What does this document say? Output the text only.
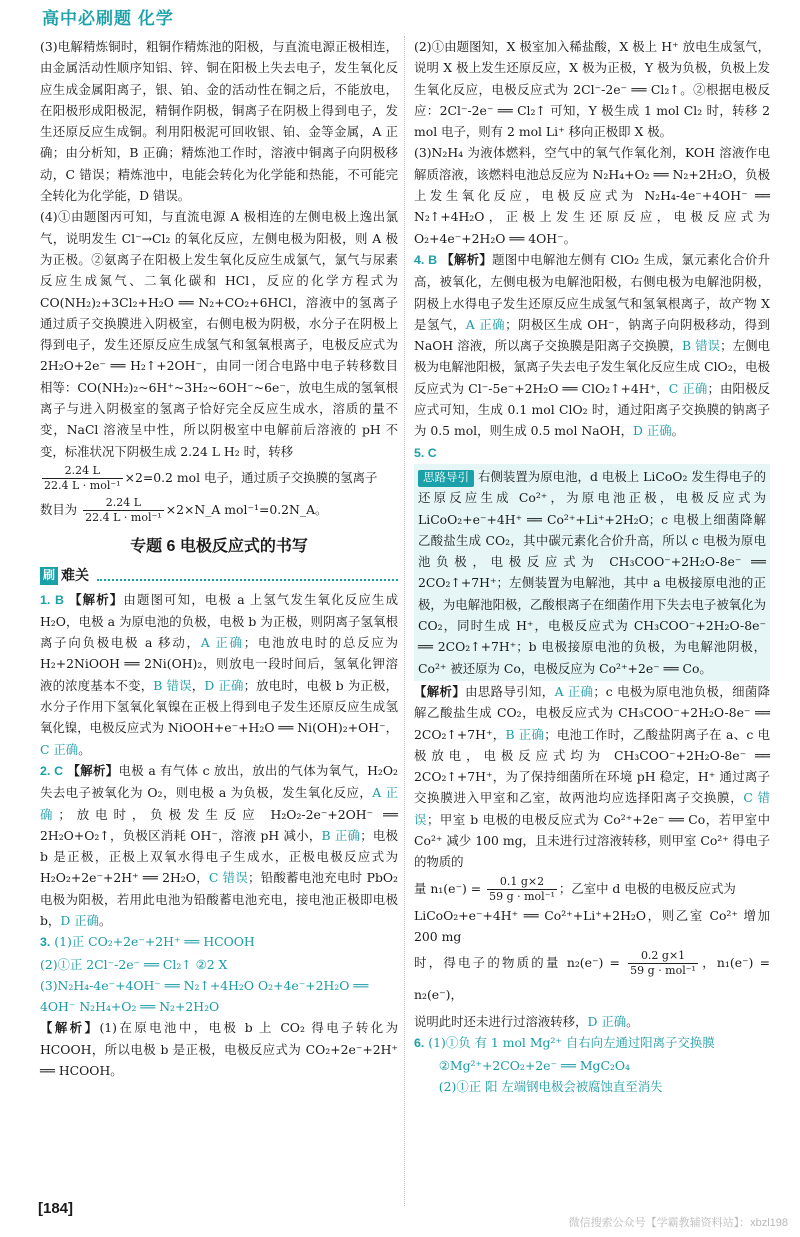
高中必刷题 化学

(3)电解精炼铜时，粗铜作精炼池的阳极，与直流电源正极相连，由金属活动性顺序知铝、锌、铜在阳极上失去电子，发生氧化反应生成金属阳离子，银、铂、金的活动性在铜之后，不能放电，在阳极形成阳极泥，精铜作阴极，铜离子在阴极上得到电子，发生还原反应生成铜。利用阳极泥可回收银、铂、金等金属，A 正确；由分析知，B 正确；精炼池工作时，溶液中铜离子向阴极移动，C 错误；精炼池中，电能会转化为化学能和热能，不可能完全转化为化学能，D 错误。

(4)①由题图丙可知，与直流电源 A 极相连的左侧电极上逸出氯气，说明发生 Cl⁻→Cl₂ 的氧化反应，左侧电极为阳极，则 A 极为正极。②氨离子在阳极上发生氧化反应生成氯气，氯气与尿素反应生成氮气、二氧化碳和 HCl，反应的化学方程式为 CO(NH₂)₂+3Cl₂+H₂O ══ N₂+CO₂+6HCl，溶液中的氢离子通过质子交换膜进入阴极室，右侧电极为阴极，水分子在阴极上得到电子，发生还原反应生成氢气和氢氧根离子，电极反应式为 2H₂O+2e⁻ ══ H₂↑+2OH⁻，由同一闭合电路中电子转移数目相等：CO(NH₂)₂~6H⁺~3H₂~6OH⁻~6e⁻，放电生成的氢氧根离子与进入阴极室的氢离子恰好完全反应生成水，溶质的量不变，NaCl 溶液呈中性，所以阴极室中电解前后溶液的 pH 不变，标准状况下阴极生成 2.24 L H₂ 时，转移

$\frac{2.24 L}{\text{22.4 L · mol⁻¹}} \times 2=0.2$ mol 电子，通过质子交换膜的氢离子

数目为 $\frac{2.24 L}{\text{22.4 L · mol⁻¹}}$ ×2×N_A mol⁻¹=0.2N_A。

专题 6 电极反应式的书写
刷 难关

1. B 【解析】由题图可知，电极 a 上氢气发生氧化反应生成 H₂O，电极 a 为原电池的负极，电极 b 为正极，则阴离子氢氧根离子向负极电极 a 移动，A 正确；电池放电时的总反应为 H₂+2NiOOH ══ 2Ni(OH)₂，则放电一段时间后，氢氧化钾溶液的浓度基本不变，B 错误，D 正确；放电时，电极 b 为正极，水分子作用下氢氧化氧镍在正极上得到电子发生还原反应生成氢氧化镍，电极反应式为 NiOOH+e⁻+H₂O ══ Ni(OH)₂+OH⁻，C 正确。

2. C 【解析】电极 a 有气体 c 放出，放出的气体为氧气，H₂O₂ 失去电子被氧化为 O₂，则电极 a 为负极，发生氧化反应，A 正确；放电时，负极发生反应 H₂O₂-2e⁻+2OH⁻ ══ 2H₂O+O₂↑，负极区消耗 OH⁻，溶液 pH 减小，B 正确；电极 b 是正极，正极上双氧水得电子生成水，正极电极反应式为 H₂O₂+2e⁻+2H⁺ ══ 2H₂O，C 错误；铅酸蓄电池充电时 PbO₂ 电极为阳极，若用此电池为铅酸蓄电池充电，接电池正极即电极 b，D 正确。

3. (1)正 CO₂+2e⁻+2H⁺ ══ HCOOH

(2)①正 2Cl⁻-2e⁻ ══ Cl₂↑ ②2 X

(3)N₂H₄-4e⁻+4OH⁻ ══ N₂↑+4H₂O O₂+4e⁻+2H₂O ══

4OH⁻ N₂H₄+O₂ ══ N₂+2H₂O

【解析】(1)在原电池中，电极 b 上 CO₂ 得电子转化为 HCOOH，所以电极 b 是正极，电极反应式为 CO₂+2e⁻+2H⁺ ══ HCOOH。

(2)①由题图知，X 极室加入稀盐酸，X 极上 H⁺ 放电生成氢气，说明 X 极上发生还原反应，X 极为正极，Y 极为负极，负极上发生氧化反应，电极反应式为 2Cl⁻-2e⁻ ══ Cl₂↑。②根据电极反应：2Cl⁻-2e⁻ ══ Cl₂↑ 可知，Y 极生成 1 mol Cl₂ 时，转移 2 mol 电子，则有 2 mol Li⁺ 移向正极即 X 极。

(3)N₂H₄ 为液体燃料，空气中的氧气作氧化剂，KOH 溶液作电解质溶液，该燃料电池总反应为 N₂H₄+O₂ ══ N₂+2H₂O，负极上发生氧化反应，电极反应式为 N₂H₄-4e⁻+4OH⁻ ══ N₂↑+4H₂O，正极上发生还原反应，电极反应式为 O₂+4e⁻+2H₂O ══ 4OH⁻。

4. B 【解析】题图中电解池左侧有 ClO₂ 生成，氯元素化合价升高，被氧化，左侧电极为电解池阳极，右侧电极为电解池阴极，阴极上水得电子发生还原反应生成氢气和氢氧根离子，故产物 X 是氢气，A 正确；阴极区生成 OH⁻，钠离子向阴极移动，得到 NaOH 溶液，所以离子交换膜是阳离子交换膜，B 错误；左侧电极为电解池阳极，氯离子失去电子发生氧化反应生成 ClO₂，电极反应式为 Cl⁻-5e⁻+2H₂O ══ ClO₂↑+4H⁺，C 正确；由阳极反应式可知，生成 0.1 mol ClO₂ 时，通过阳离子交换膜的钠离子为 0.5 mol，则生成 0.5 mol NaOH，D 正确。

5. C

思路导引 右侧装置为原电池，d 电极上 LiCoO₂ 发生得电子的还原反应生成 Co²⁺，为原电池正极，电极反应式为 LiCoO₂+e⁻+4H⁺ ══ Co²⁺+Li⁺+2H₂O；c 电极上细菌降解乙酸盐生成 CO₂，其中碳元素化合价升高，所以 c 电极为原电池负极，电极反应式为 CH₃COO⁻+2H₂O-8e⁻ ══ 2CO₂↑+7H⁺；左侧装置为电解池，其中 a 电极接原电池的正极，为电解池阳极，乙酸根离子在细菌作用下失去电子被氧化为 CO₂，同时生成 H⁺，电极反应式为 CH₃COO⁻+2H₂O-8e⁻ ══ 2CO₂↑+7H⁺；b 电极接原电池的负极，为电解池阴极，Co²⁺ 被还原为 Co，电极反应为 Co²⁺+2e⁻ ══ Co。

【解析】由思路导引知，A 正确；c 电极为原电池负极，细菌降解乙酸盐生成 CO₂，电极反应式为 CH₃COO⁻+2H₂O-8e⁻ ══ 2CO₂↑+7H⁺，B 正确；电池工作时，乙酸盐阴离子在 a、c 电极放电，电极反应式均为 CH₃COO⁻+2H₂O-8e⁻ ══ 2CO₂↑+7H⁺，为了保持细菌所在环境 pH 稳定，H⁺ 通过离子交换膜进入甲室和乙室，故两池均应选择阳离子交换膜，C 错误；甲室 b 电极的电极反应式为 Co²⁺+2e⁻ ══ Co，若甲室中 Co²⁺ 减少 100 mg，且未进行过溶液转移，则甲室 Co²⁺ 得电子的物质的

量 $n_1(e^-) = \frac{0.1 g\times 2}{\text{59 g · mol⁻¹}}$ ；乙室中 d 电极的电极反应式为

LiCoO₂+e⁻+4H⁺ ══ Co²⁺+Li⁺+2H₂O，则乙室 Co²⁺ 增加 200 mg

时，得电子的物质的量 $n_2(e^-) = \frac{0.2 g\times 1}{\text{59 g · mol⁻¹}}$ ，n₁(e⁻) = n₂(e⁻)，

说明此时还未进行过溶液转移，D 正确。

6. (1)①负 有 1 mol Mg²⁺ 自右向左通过阳离子交换膜

②Mg²⁺+2CO₂+2e⁻ ══ MgC₂O₄

(2)①正 阳 左端钢电极会被腐蚀直至消失

[184]
微信搜索公众号【学霸教辅资料站】：xbzl198
